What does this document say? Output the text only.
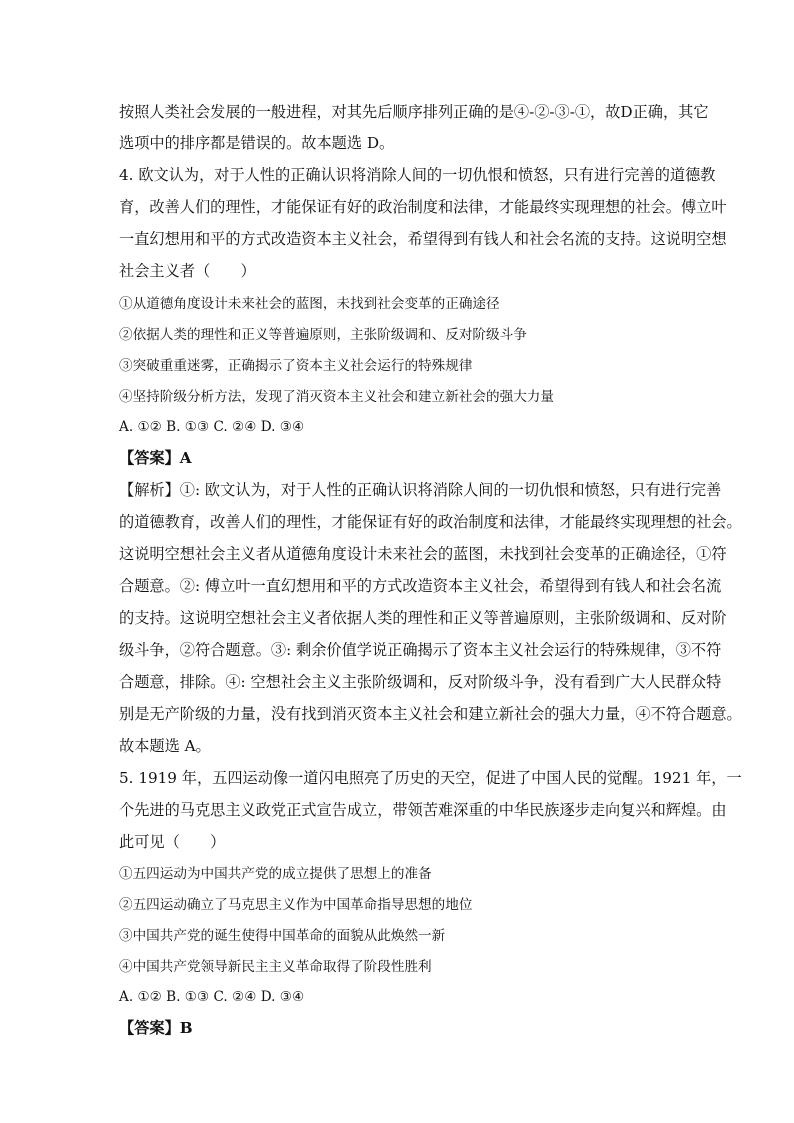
按照人类社会发展的一般进程，对其先后顺序排列正确的是④-②-③-①，故D正确，其它
选项中的排序都是错误的。故本题选 D。
4. 欧文认为，对于人性的正确认识将消除人间的一切仇恨和愤怒，只有进行完善的道德教
育，改善人们的理性，才能保证有好的政治制度和法律，才能最终实现理想的社会。傅立叶
一直幻想用和平的方式改造资本主义社会，希望得到有钱人和社会名流的支持。这说明空想
社会主义者（　　）
①从道德角度设计未来社会的蓝图，未找到社会变革的正确途径
②依据人类的理性和正义等普遍原则，主张阶级调和、反对阶级斗争
③突破重重迷雾，正确揭示了资本主义社会运行的特殊规律
④坚持阶级分析方法，发现了消灭资本主义社会和建立新社会的强大力量
A. ①② B. ①③ C. ②④ D. ③④
【答案】A
【解析】①: 欧文认为，对于人性的正确认识将消除人间的一切仇恨和愤怒，只有进行完善
的道德教育，改善人们的理性，才能保证有好的政治制度和法律，才能最终实现理想的社会。
这说明空想社会主义者从道德角度设计未来社会的蓝图，未找到社会变革的正确途径，①符
合题意。②: 傅立叶一直幻想用和平的方式改造资本主义社会，希望得到有钱人和社会名流
的支持。这说明空想社会主义者依据人类的理性和正义等普遍原则，主张阶级调和、反对阶
级斗争，②符合题意。③: 剩余价值学说正确揭示了资本主义社会运行的特殊规律，③不符
合题意，排除。④: 空想社会主义主张阶级调和，反对阶级斗争，没有看到广大人民群众特
别是无产阶级的力量，没有找到消灭资本主义社会和建立新社会的强大力量，④不符合题意。
故本题选 A。
5. 1919 年，五四运动像一道闪电照亮了历史的天空，促进了中国人民的觉醒。1921 年，一
个先进的马克思主义政党正式宣告成立，带领苦难深重的中华民族逐步走向复兴和辉煌。由
此可见（　　）
①五四运动为中国共产党的成立提供了思想上的准备
②五四运动确立了马克思主义作为中国革命指导思想的地位
③中国共产党的诞生使得中国革命的面貌从此焕然一新
④中国共产党领导新民主主义革命取得了阶段性胜利
A. ①② B. ①③ C. ②④ D. ③④
【答案】B
